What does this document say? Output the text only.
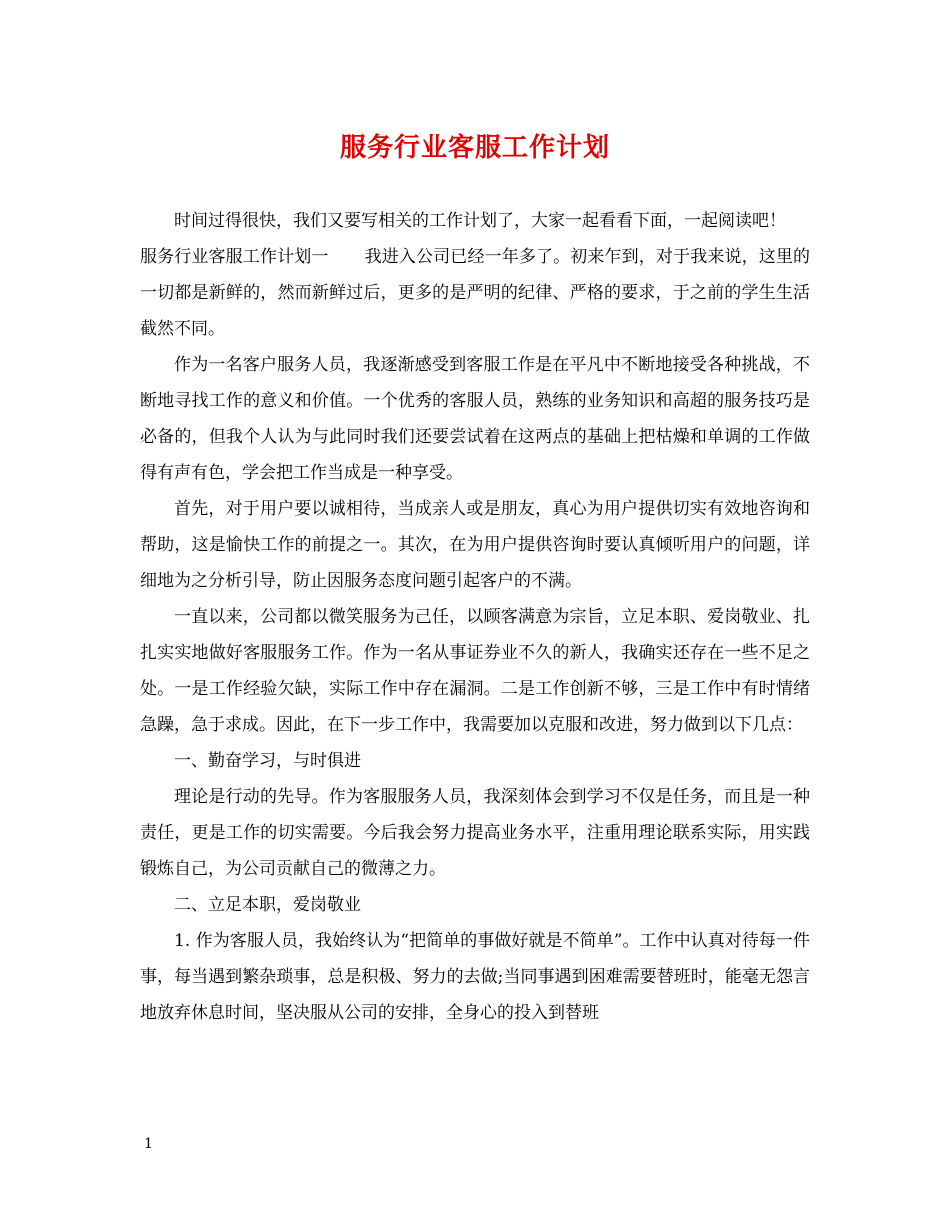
服务行业客服工作计划

时间过得很快，我们又要写相关的工作计划了，大家一起看看下面，一起阅读吧！

服务行业客服工作计划一 我进入公司已经一年多了。初来乍到，对于我来说，这里的一切都是新鲜的，然而新鲜过后，更多的是严明的纪律、严格的要求，于之前的学生生活截然不同。

作为一名客户服务人员，我逐渐感受到客服工作是在平凡中不断地接受各种挑战，不断地寻找工作的意义和价值。一个优秀的客服人员，熟练的业务知识和高超的服务技巧是必备的，但我个人认为与此同时我们还要尝试着在这两点的基础上把枯燥和单调的工作做得有声有色，学会把工作当成是一种享受。

首先，对于用户要以诚相待，当成亲人或是朋友，真心为用户提供切实有效地咨询和帮助，这是愉快工作的前提之一。其次，在为用户提供咨询时要认真倾听用户的问题，详细地为之分析引导，防止因服务态度问题引起客户的不满。

一直以来，公司都以微笑服务为己任，以顾客满意为宗旨，立足本职、爱岗敬业、扎扎实实地做好客服服务工作。作为一名从事证券业不久的新人，我确实还存在一些不足之处。一是工作经验欠缺，实际工作中存在漏洞。二是工作创新不够，三是工作中有时情绪急躁，急于求成。因此，在下一步工作中，我需要加以克服和改进，努力做到以下几点：

一、勤奋学习，与时俱进

理论是行动的先导。作为客服服务人员，我深刻体会到学习不仅是任务，而且是一种责任，更是工作的切实需要。今后我会努力提高业务水平，注重用理论联系实际，用实践锻炼自己，为公司贡献自己的微薄之力。

二、立足本职，爱岗敬业

1. 作为客服人员，我始终认为“把简单的事做好就是不简单”。工作中认真对待每一件事，每当遇到繁杂琐事，总是积极、努力的去做;当同事遇到困难需要替班时，能毫无怨言地放弃休息时间，坚决服从公司的安排，全身心的投入到替班

1
